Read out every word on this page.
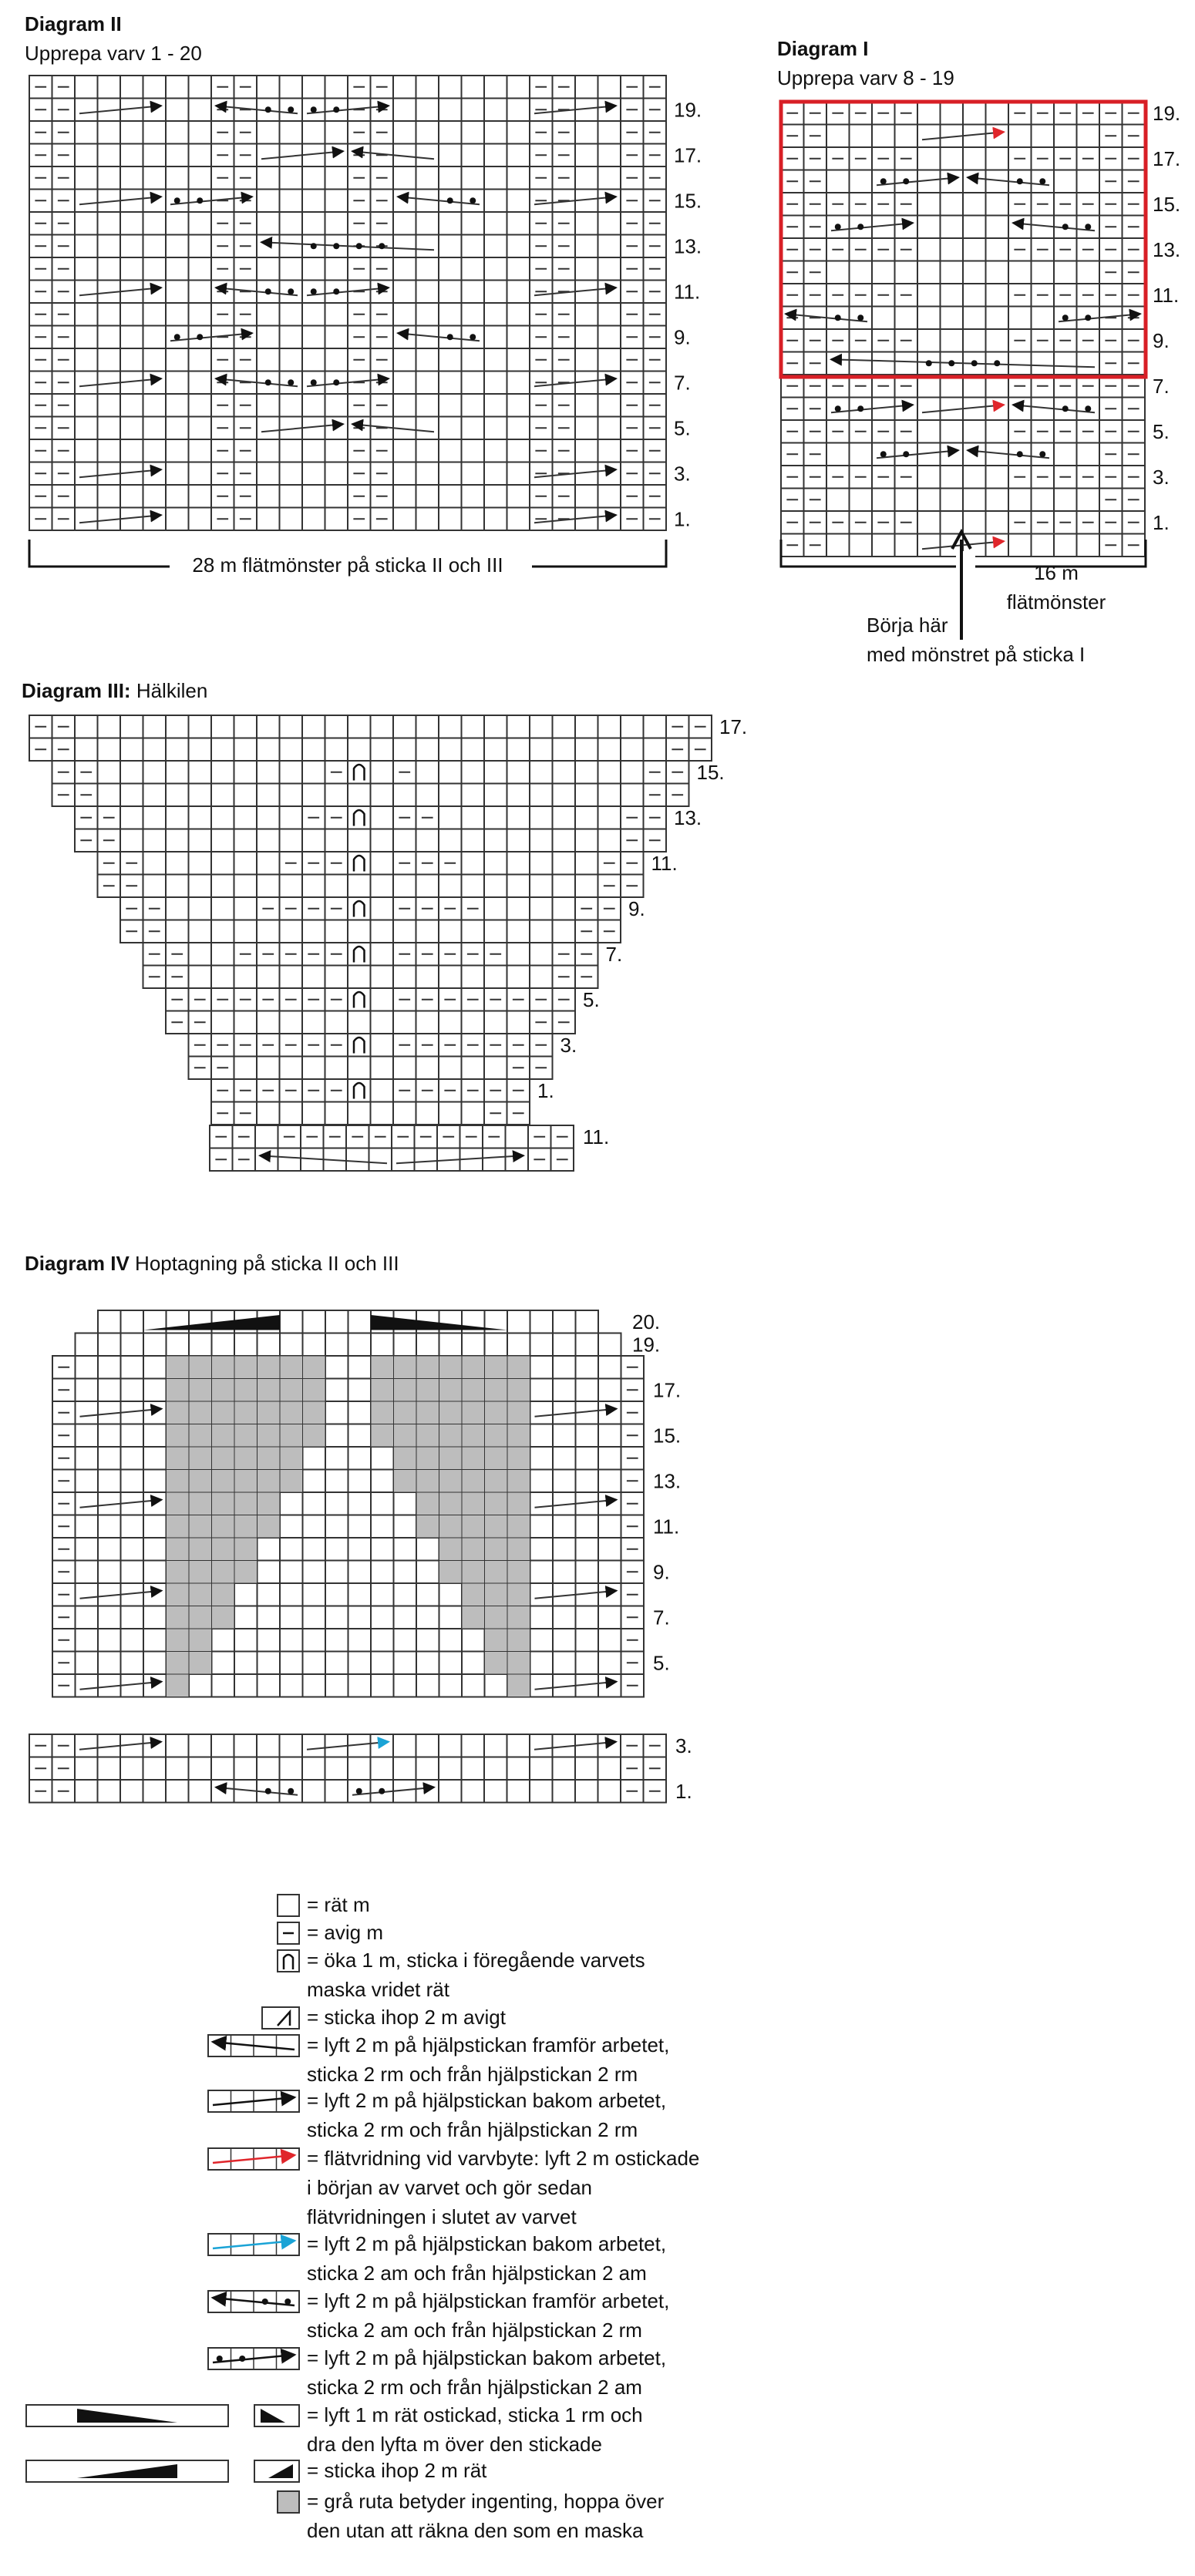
Diagram II
Upprepa varv 1 - 20
19.
17.
15.
13.
11.
9.
7.
5.
3.
1.
28 m flätmönster på sticka II och III
Diagram I
Upprepa varv 8 - 19
19.
17.
15.
13.
11.
9.
7.
5.
3.
1.
16 m
flätmönster
Börja här
med mönstret på sticka I
Diagram III: Hälkilen
17.
15.
13.
11.
9.
7.
5.
3.
1.
11.
Diagram IV Hoptagning på sticka II och III
20.
19.
17.
15.
13.
11.
9.
7.
5.
3.
1.
= rät m
= avig m
= öka 1 m, sticka i föregående varvets
maska vridet rät
= sticka ihop 2 m avigt
= lyft 2 m på hjälpstickan framför arbetet,
sticka 2 rm och från hjälpstickan 2 rm
= lyft 2 m på hjälpstickan bakom arbetet,
sticka 2 rm och från hjälpstickan 2 rm
= flätvridning vid varvbyte: lyft 2 m ostickade
i början av varvet och gör sedan
flätvridningen i slutet av varvet
= lyft 2 m på hjälpstickan bakom arbetet,
sticka 2 am och från hjälpstickan 2 am
= lyft 2 m på hjälpstickan framför arbetet,
sticka 2 am och från hjälpstickan 2 rm
= lyft 2 m på hjälpstickan bakom arbetet,
sticka 2 rm och från hjälpstickan 2 am
= lyft 1 m rät ostickad, sticka 1 rm och
dra den lyfta m över den stickade
= sticka ihop 2 m rät
= grå ruta betyder ingenting, hoppa över
den utan att räkna den som en maska
